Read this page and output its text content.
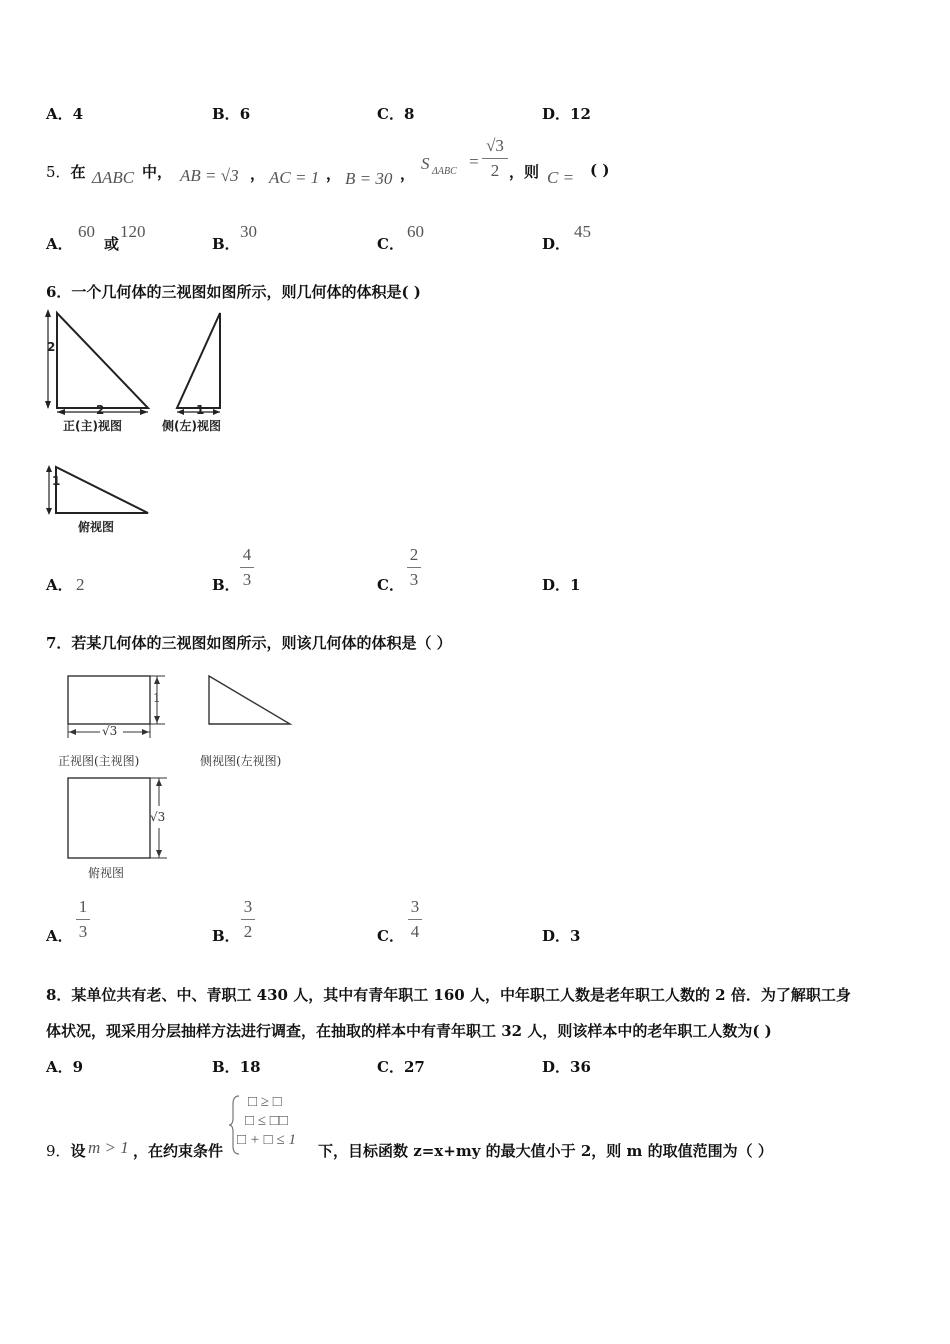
A．4	B．6	C．8	D．12
5．在 ΔABC 中， AB = √3 ， AC = 1 ， B = 30 ，
S ΔABC
=
√3
2 ，则 C = ( )
A．
60
或
120
B．
30
C．
60
D．
45
6．一个几何体的三视图如图所示，则几何体的体积是( )
2
2	1
1
正(主)视图	侧(左)视图
俯视图
A． 2	B．
4
3	C．
2
3	D．1
7．若某几何体的三视图如图所示，则该几何体的体积是（ ）
1
√3
√3
正视图(主视图)	侧视图(左视图)
俯视图
A．
1
3	B．
3
2	C．
3
4	D．3
8．某单位共有老、中、青职工 430 人，其中有青年职工 160 人，中年职工人数是老年职工人数的 2 倍．为了解职工身
体状况，现采用分层抽样方法进行调查，在抽取的样本中有青年职工 32 人，则该样本中的老年职工人数为( )
A．9	B．18	C．27	D．36
9．设 m > 1 ，在约束条件
□ ≥ □
□ ≤ □□
□ + □ ≤ 1
下，目标函数 z=x+my 的最大值小于 2，则 m 的取值范围为（ ）
